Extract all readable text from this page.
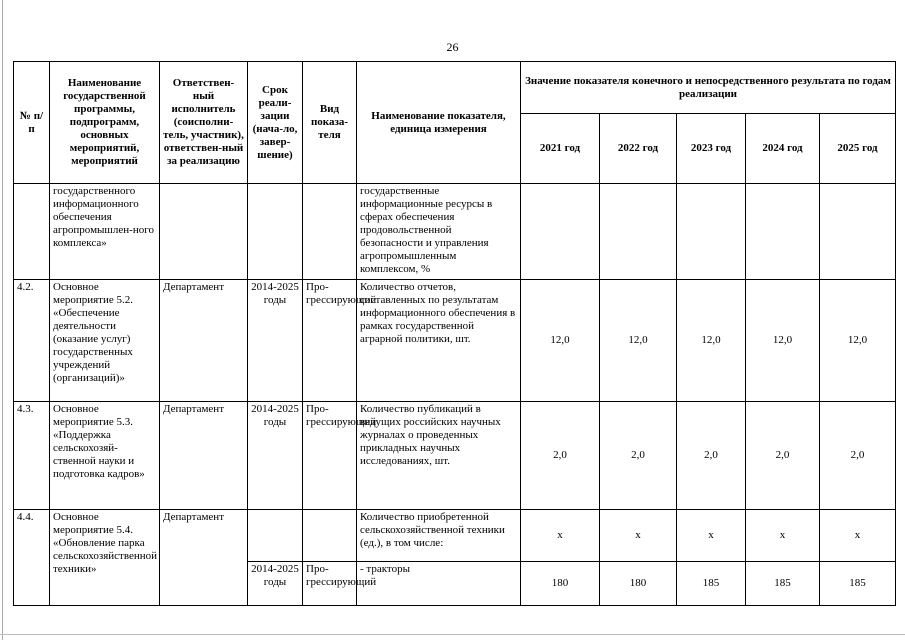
26
№ п/п	Наименование государственной программы, подпрограмм, основных мероприятий, мероприятий	Ответствен-ный исполнитель (соисполни-тель, участник), ответствен-ный за реализацию	Срок реали-зации (нача-ло, завер-шение)	Вид показа-теля	Наименование показателя, единица измерения	Значение показателя конечного и непосредственного результата по годам реализации				
						2021 год	2022 год	2023 год	2024 год	2025 год
	государственного информационного обеспечения агропромышлен-ного комплекса»				государственные информационные ресурсы в сферах обеспечения продовольственной безопасности и управления агропромышленным комплексом, %					
4.2.	Основное мероприятие 5.2. «Обеспечение деятельности (оказание услуг) государственных учреждений (организаций)»	Департамент	2014-2025 годы	Про-грессирующий	Количество отчетов, составленных по результатам информационного обеспечения в рамках государственной аграрной политики, шт.	12,0	12,0	12,0	12,0	12,0
4.3.	Основное мероприятие 5.3. «Поддержка сельскохозяй-ственной науки и подготовка кадров»	Департамент	2014-2025 годы	Про-грессирующий	Количество публикаций в ведущих российских научных журналах о проведенных прикладных научных исследованиях, шт.	2,0	2,0	2,0	2,0	2,0
4.4.	Основное мероприятие 5.4. «Обновление парка сельскохозяйственной техники»	Департамент			Количество приобретенной сельскохозяйственной техники (ед.), в том числе:	х	х	х	х	х
			2014-2025 годы	Про-грессирующий	- тракторы	180	180	185	185	185
